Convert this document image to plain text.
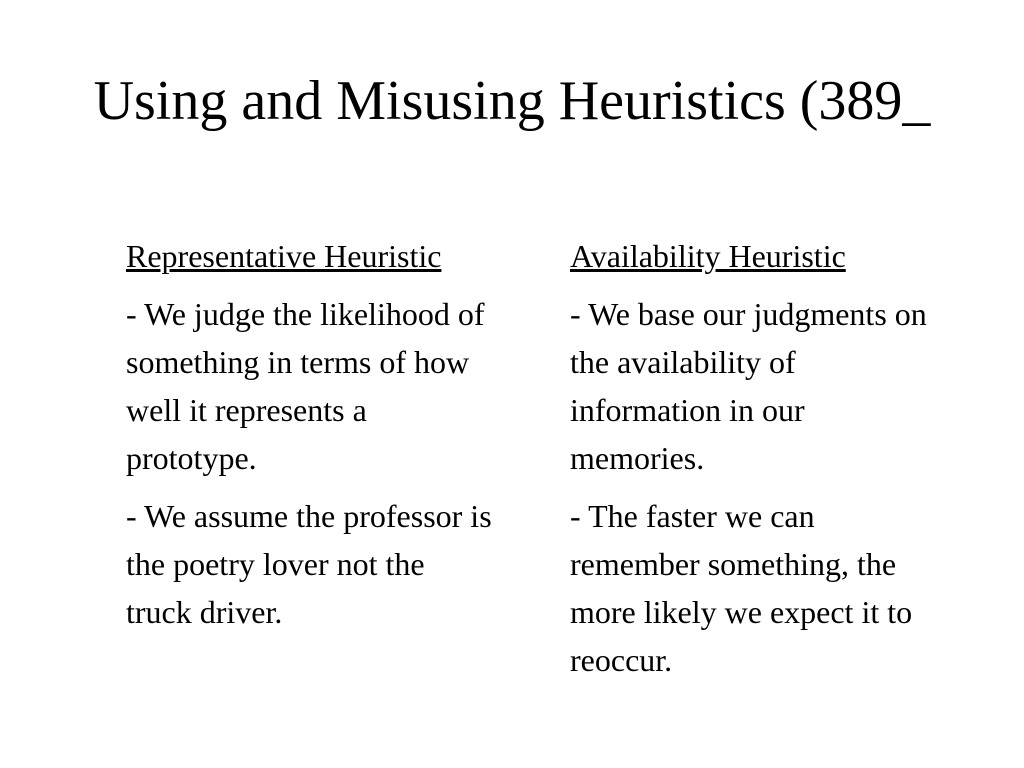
Using and Misusing Heuristics (389_

Representative Heuristic

- We judge the likelihood of something in terms of how well it represents a prototype.

- We assume the professor is the poetry lover not the truck driver.

Availability Heuristic

- We base our judgments on the availability of information in our memories.

- The faster we can remember something, the more likely we expect it to reoccur.
